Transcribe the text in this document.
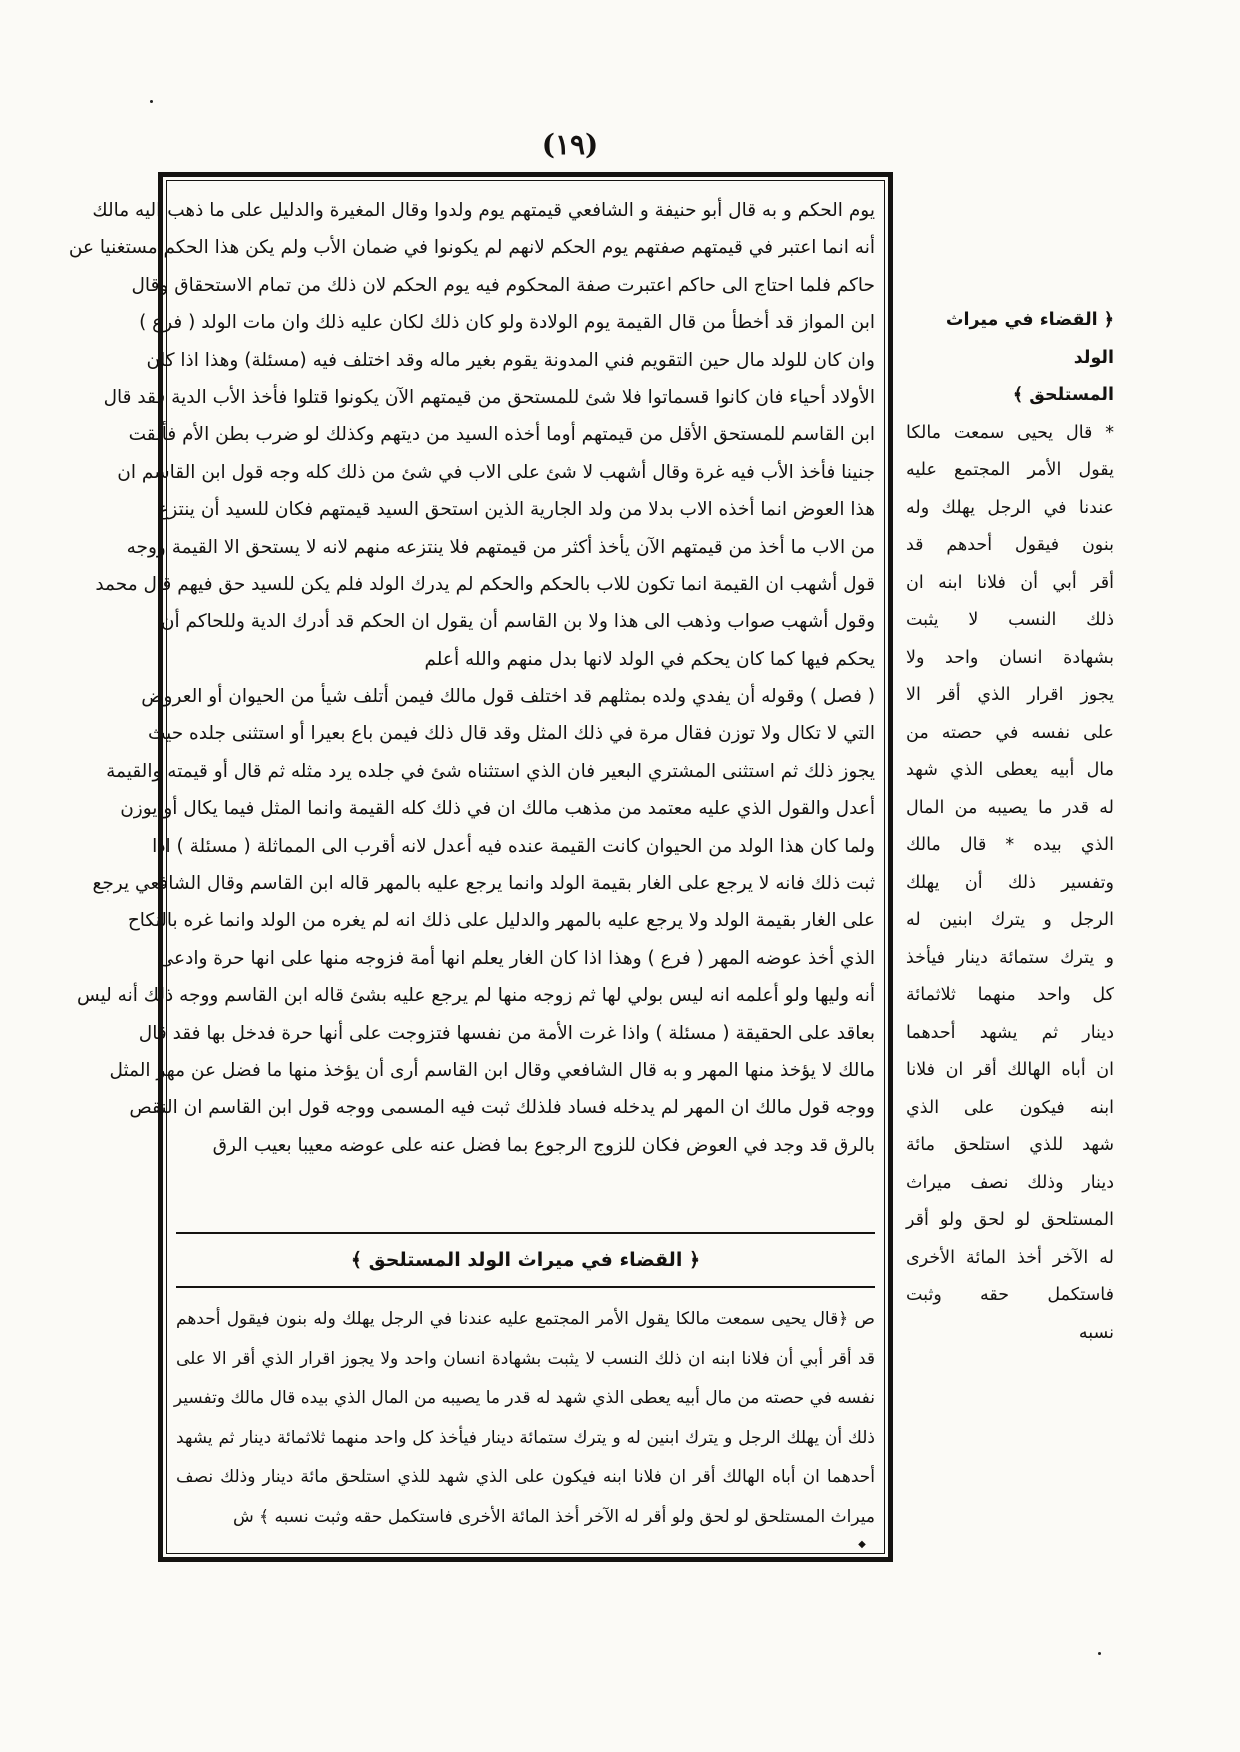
(١٩)
يوم الحكم و به قال أبو حنيفة و الشافعي قيمتهم يوم ولدوا وقال المغيرة والدليل على ما ذهب اليه مالك
أنه انما اعتبر في قيمتهم صفتهم يوم الحكم لانهم لم يكونوا في ضمان الأب ولم يكن هذا الحكم مستغنيا عن
حاكم فلما احتاج الى حاكم اعتبرت صفة المحكوم فيه يوم الحكم لان ذلك من تمام الاستحقاق وقال
ابن المواز قد أخطأ من قال القيمة يوم الولادة ولو كان ذلك لكان عليه ذلك وان مات الولد ( فرع )
وان كان للولد مال حين التقويم فني المدونة يقوم بغير ماله وقد اختلف فيه (مسئلة) وهذا اذا كان
الأولاد أحياء فان كانوا قسماتوا فلا شئ للمستحق من قيمتهم الآن يكونوا قتلوا فأخذ الأب الدية فقد قال
ابن القاسم للمستحق الأقل من قيمتهم أوما أخذه السيد من ديتهم وكذلك لو ضرب بطن الأم فألقت
جنينا فأخذ الأب فيه غرة وقال أشهب لا شئ على الاب في شئ من ذلك كله وجه قول ابن القاسم ان
هذا العوض انما أخذه الاب بدلا من ولد الجارية الذين استحق السيد قيمتهم فكان للسيد أن ينتزع
من الاب ما أخذ من قيمتهم الآن يأخذ أكثر من قيمتهم فلا ينتزعه منهم لانه لا يستحق الا القيمة ووجه
قول أشهب ان القيمة انما تكون للاب بالحكم والحكم لم يدرك الولد فلم يكن للسيد حق فيهم قال محمد
وقول أشهب صواب وذهب الى هذا ولا بن القاسم أن يقول ان الحكم قد أدرك الدية وللحاكم أن
يحكم فيها كما كان يحكم في الولد لانها بدل منهم والله أعلم
( فصل ) وقوله أن يفدي ولده بمثلهم قد اختلف قول مالك فيمن أتلف شيأ من الحيوان أو العروض
التي لا تكال ولا توزن فقال مرة في ذلك المثل وقد قال ذلك فيمن باع بعيرا أو استثنى جلده حيث
يجوز ذلك ثم استثنى المشتري البعير فان الذي استثناه شئ في جلده يرد مثله ثم قال أو قيمته والقيمة
أعدل والقول الذي عليه معتمد من مذهب مالك ان في ذلك كله القيمة وانما المثل فيما يكال أو يوزن
ولما كان هذا الولد من الحيوان كانت القيمة عنده فيه أعدل لانه أقرب الى المماثلة ( مسئلة ) اذا
ثبت ذلك فانه لا يرجع على الغار بقيمة الولد وانما يرجع عليه بالمهر قاله ابن القاسم وقال الشافعي يرجع
على الغار بقيمة الولد ولا يرجع عليه بالمهر والدليل على ذلك انه لم يغره من الولد وانما غره بالنكاح
الذي أخذ عوضه المهر ( فرع ) وهذا اذا كان الغار يعلم انها أمة فزوجه منها على انها حرة وادعى
أنه وليها ولو أعلمه انه ليس بولي لها ثم زوجه منها لم يرجع عليه بشئ قاله ابن القاسم ووجه ذلك أنه ليس
بعاقد على الحقيقة ( مسئلة ) واذا غرت الأمة من نفسها فتزوجت على أنها حرة فدخل بها فقد قال
مالك لا يؤخذ منها المهر و به قال الشافعي وقال ابن القاسم أرى أن يؤخذ منها ما فضل عن مهر المثل
ووجه قول مالك ان المهر لم يدخله فساد فلذلك ثبت فيه المسمى ووجه قول ابن القاسم ان النقص
بالرق قد وجد في العوض فكان للزوج الرجوع بما فضل عنه على عوضه معيبا بعيب الرق
﴿ القضاء في ميراث الولد المستلحق ﴾
ص ﴿قال يحيى سمعت مالكا يقول الأمر المجتمع عليه عندنا في الرجل يهلك وله بنون فيقول أحدهم
قد أقر أبي أن فلانا ابنه ان ذلك النسب لا يثبت بشهادة انسان واحد ولا يجوز اقرار الذي أقر الا على
نفسه في حصته من مال أبيه يعطى الذي شهد له قدر ما يصيبه من المال الذي بيده قال مالك وتفسير
ذلك أن يهلك الرجل و يترك ابنين له و يترك ستمائة دينار فيأخذ كل واحد منهما ثلاثمائة دينار ثم يشهد
أحدهما ان أباه الهالك أقر ان فلانا ابنه فيكون على الذي شهد للذي استلحق مائة دينار وذلك نصف
ميراث المستلحق لو لحق ولو أقر له الآخر أخذ المائة الأخرى فاستكمل حقه وثبت نسبه ﴾ ش
◆
﴿ القضاء في ميراث الولد
المستلحق ﴾
* قال يحيى سمعت مالكا
يقول الأمر المجتمع عليه
عندنا في الرجل يهلك وله
بنون فيقول أحدهم قد
أقر أبي أن فلانا ابنه ان
ذلك النسب لا يثبت
بشهادة انسان واحد ولا
يجوز اقرار الذي أقر الا
على نفسه في حصته من
مال أبيه يعطى الذي شهد
له قدر ما يصيبه من المال
الذي بيده * قال مالك
وتفسير ذلك أن يهلك
الرجل و يترك ابنين له
و يترك ستمائة دينار فيأخذ
كل واحد منهما ثلاثمائة
دينار ثم يشهد أحدهما
ان أباه الهالك أقر ان فلانا
ابنه فيكون على الذي
شهد للذي استلحق مائة
دينار وذلك نصف ميراث
المستلحق لو لحق ولو أقر
له الآخر أخذ المائة الأخرى
فاستكمل حقه وثبت
نسبه
